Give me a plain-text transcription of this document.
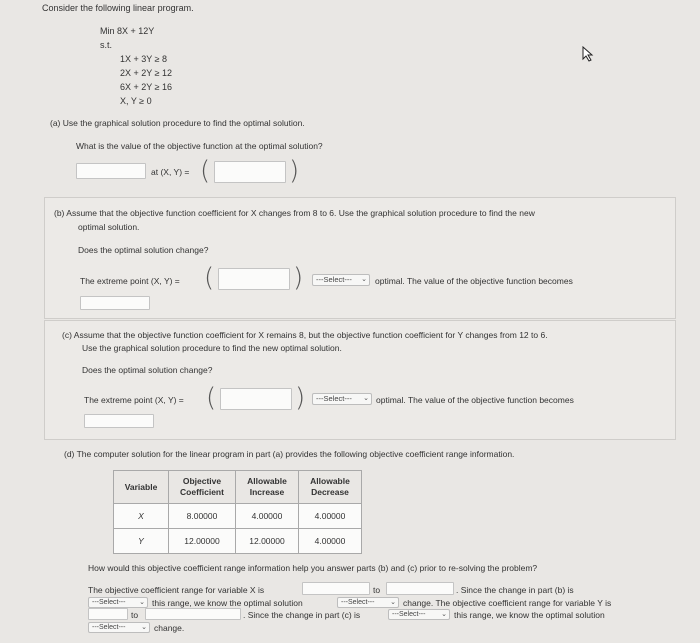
Consider the following linear program.
Min 8X + 12Y
s.t.
1X + 3Y ≥ 8
2X + 2Y ≥ 12
6X + 2Y ≥ 16
X, Y ≥ 0
(a) Use the graphical solution procedure to find the optimal solution.
What is the value of the objective function at the optimal solution?
at (X, Y) = (	)
(b) Assume that the objective function coefficient for X changes from 8 to 6. Use the graphical solution procedure to find the new
optimal solution.
Does the optimal solution change?
The extreme point (X, Y) = (	)	---Select--- ⌄ optimal. The value of the objective function becomes
(c) Assume that the objective function coefficient for X remains 8, but the objective function coefficient for Y changes from 12 to 6.
Use the graphical solution procedure to find the new optimal solution.
Does the optimal solution change?
The extreme point (X, Y) = (	)	---Select--- ⌄ optimal. The value of the objective function becomes
(d) The computer solution for the linear program in part (a) provides the following objective coefficient range information.
Variable	Objective Coefficient	Allowable Increase	Allowable Decrease
X	8.00000	4.00000	4.00000
Y	12.00000	12.00000	4.00000
How would this objective coefficient range information help you answer parts (b) and (c) prior to re-solving the problem?
The objective coefficient range for variable X is	to	. Since the change in part (b) is
---Select--- ⌄ this range, we know the optimal solution	---Select--- ⌄ change. The objective coefficient range for variable Y is
to	. Since the change in part (c) is	---Select--- ⌄ this range, we know the optimal solution
---Select--- ⌄ change.
